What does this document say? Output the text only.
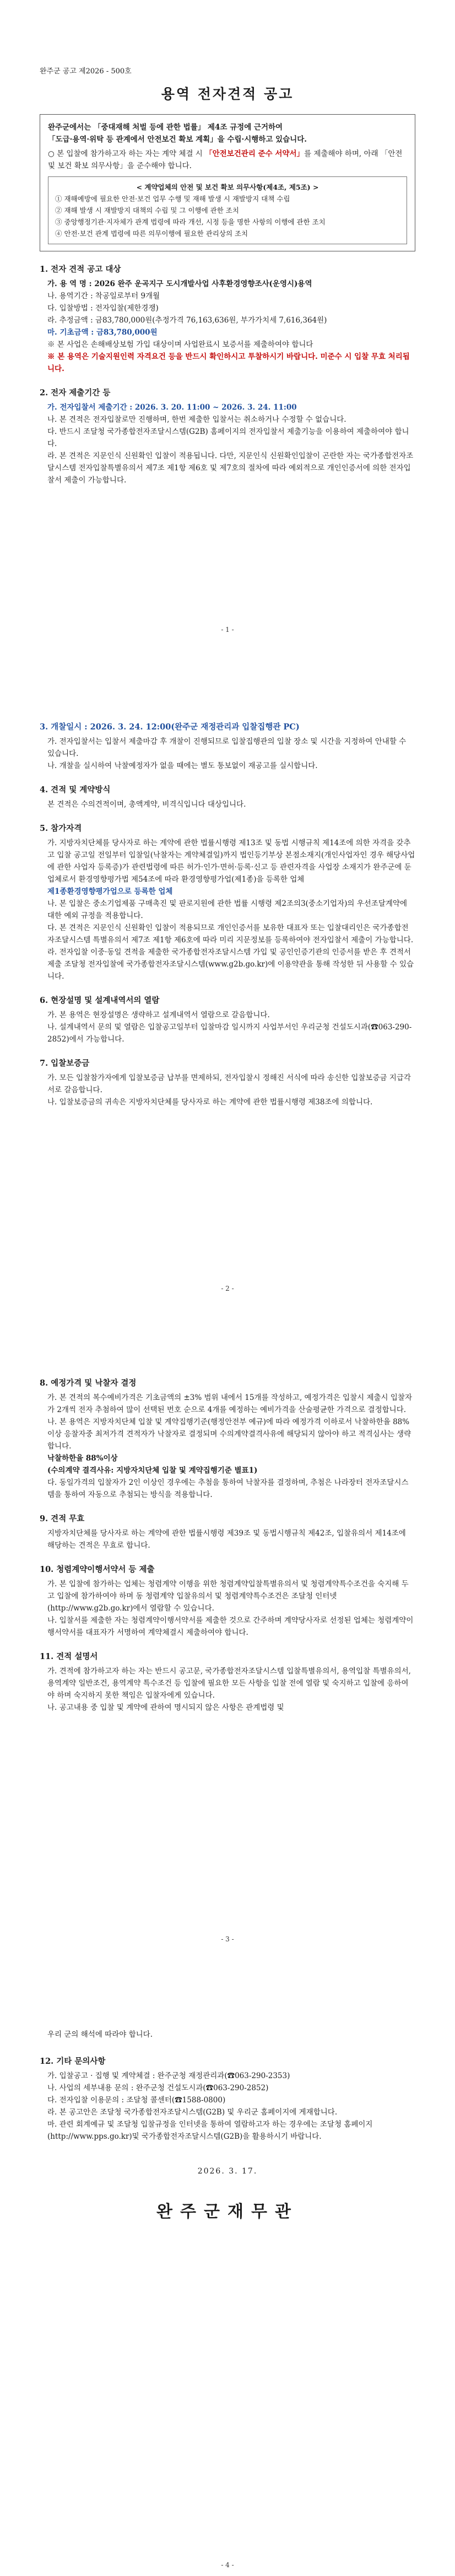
완주군 공고 제2026 - 500호
용역 전자견적 공고
완주군에서는 「중대재해 처벌 등에 관한 법률」 제4조 규정에 근거하여
「도급·용역·위탁 등 관계에서 안전보건 확보 계획」을 수립·시행하고 있습니다.
○ 본 입찰에 참가하고자 하는 자는 계약 체결 시 「안전보건관리 준수 서약서」를 제출해야 하며, 아래 「안전 및 보건 확보 의무사항」을 준수해야 합니다.
< 계약업체의 안전 및 보건 확보 의무사항(제4조, 제5조) >
① 재해예방에 필요한 안전·보건 업무 수행 및 재해 발생 시 재발방지 대책 수립
② 재해 발생 시 재발방지 대책의 수립 및 그 이행에 관한 조치
③ 중앙행정기관·지자체가 관계 법령에 따라 개선, 시정 등을 명한 사항의 이행에 관한 조치
④ 안전·보건 관계 법령에 따른 의무이행에 필요한 관리상의 조치
1. 전자 견적 공고 대상
가. 용 역 명 : 2026 완주 운곡지구 도시개발사업 사후환경영향조사(운영시)용역
나. 용역기간 : 착공일로부터 9개월
다. 입찰방법 : 전자입찰(제한경쟁)
라. 추정금액 : 금83,780,000원(추정가격 76,163,636원, 부가가치세 7,616,364원)
마. 기초금액 : 금83,780,000원
※ 본 사업은 손해배상보험 가입 대상이며 사업완료시 보증서를 제출하여야 합니다
※ 본 용역은 기술지원인력 자격요건 등을 반드시 확인하시고 투찰하시기 바랍니다. 미준수 시 입찰 무효 처리됩니다.
2. 전자 제출기간 등
가. 전자입찰서 제출기간 : 2026. 3. 20. 11:00 ~ 2026. 3. 24. 11:00
나. 본 견적은 전자입찰로만 진행하며, 한번 제출한 입찰서는 취소하거나 수정할 수 없습니다.
다. 반드시 조달청 국가종합전자조달시스템(G2B) 홈페이지의 전자입찰서 제출기능을 이용하여 제출하여야 합니다.
라. 본 견적은 지문인식 신원확인 입찰이 적용됩니다. 다만, 지문인식 신원확인입찰이 곤란한 자는 국가종합전자조달시스템 전자입찰특별유의서 제7조 제1항 제6호 및 제7호의 절차에 따라 예외적으로 개인인증서에 의한 전자입찰서 제출이 가능합니다.
- 1 -
3. 개찰일시 : 2026. 3. 24. 12:00(완주군 재정관리과 입찰집행관 PC)
가. 전자입찰서는 입찰서 제출마감 후 개찰이 진행되므로 입찰집행관의 입찰 장소 및 시간을 지정하여 안내할 수 있습니다.
나. 개찰을 실시하여 낙찰예정자가 없을 때에는 별도 통보없이 재공고를 실시합니다.
4. 견적 및 계약방식
본 견적은 수의견적이며, 총액계약, 비격식입니다 대상입니다.
5. 참가자격
가. 지방자치단체를 당사자로 하는 계약에 관한 법률시행령 제13조 및 동법 시행규칙 제14조에 의한 자격을 갖추고 입찰 공고일 전일부터 입찰일(낙찰자는 계약체결일)까지 법인등기부상 본점소재지(개인사업자인 경우 해당사업에 관한 사업자 등록증)가 관련법령에 따른 허가·인가·면허·등록·신고 등 관련자격을 사업장 소재지가 완주군에 둔 업체로서 환경영향평가법 제54조에 따라 환경영향평가업(제1종)을 등록한 업체
제1종환경영향평가업으로 등록한 업체
나. 본 입찰은 중소기업제품 구매촉진 및 판로지원에 관한 법률 시행령 제2조의3(중소기업자)의 우선조달계약에 대한 예외 규정을 적용합니다.
다. 본 견적은 지문인식 신원확인 입찰이 적용되므로 개인인증서를 보유한 대표자 또는 입찰대리인은 국가종합전자조달시스템 특별유의서 제7조 제1항 제6호에 따라 미리 지문정보를 등록하여야 전자입찰서 제출이 가능합니다.
라. 전자입찰 이중·동일 견적을 제출한 국가종합전자조달시스템 가입 및 공인인증기관의 인증서를 받은 후 견적서 제출 조달청 전자입찰에 국가종합전자조달시스템(www.g2b.go.kr)에 이용약관을 통해 작성한 뒤 사용할 수 있습니다.
6. 현장설명 및 설계내역서의 열람
가. 본 용역은 현장설명은 생략하고 설계내역서 열람으로 갈음합니다.
나. 설계내역서 문의 및 열람은 입찰공고일부터 입찰마감 일시까지 사업부서인 우리군청 건설도시과(☎063-290-2852)에서 가능합니다.
7. 입찰보증금
가. 모든 입찰참가자에게 입찰보증금 납부를 면제하되, 전자입찰시 정해진 서식에 따라 송신한 입찰보증금 지급각서로 갈음합니다.
나. 입찰보증금의 귀속은 지방자치단체를 당사자로 하는 계약에 관한 법률시행령 제38조에 의합니다.
- 2 -
8. 예정가격 및 낙찰자 결정
가. 본 견적의 복수예비가격은 기초금액의 ±3% 범위 내에서 15개를 작성하고, 예정가격은 입찰시 제출시 입찰자가 2개씩 전자 추첨하여 많이 선택된 번호 순으로 4개를 예정하는 예비가격을 산술평균한 가격으로 결정합니다.
나. 본 용역은 지방자치단체 입찰 및 계약집행기준(행정안전부 예규)에 따라 예정가격 이하로서 낙찰하한율 88%이상 응찰자중 최저가격 견적자가 낙찰자로 결정되며 수의계약결격사유에 해당되지 않아야 하고 적격심사는 생략합니다.
낙찰하한율 88%이상
(수의계약 결격사유: 지방자치단체 입찰 및 계약집행기준 별표1)
다. 동일가격의 입찰자가 2인 이상인 경우에는 추첨을 통하여 낙찰자를 결정하며, 추첨은 나라장터 전자조달시스템을 통하여 자동으로 추첨되는 방식을 적용합니다.
9. 견적 무효
지방자치단체를 당사자로 하는 계약에 관한 법률시행령 제39조 및 동법시행규칙 제42조, 입찰유의서 제14조에 해당하는 견적은 무효로 합니다.
10. 청렴계약이행서약서 등 제출
가. 본 입찰에 참가하는 업체는 청렴계약 이행을 위한 청렴계약입찰특별유의서 및 청렴계약특수조건을 숙지해 두고 입찰에 참가하여야 하며 동 청렴계약 입찰유의서 및 청렴계약특수조건은 조달청 인터넷(http://www.g2b.go.kr)에서 열람할 수 있습니다.
나. 입찰서를 제출한 자는 청렴계약이행서약서를 제출한 것으로 간주하며 계약당사자로 선정된 업체는 청렴계약이행서약서를 대표자가 서명하여 계약체결시 제출하여야 합니다.
11. 견적 설명서
가. 견적에 참가하고자 하는 자는 반드시 공고문, 국가종합전자조달시스템 입찰특별유의서, 용역입찰 특별유의서, 용역계약 일반조건, 용역계약 특수조건 등 입찰에 필요한 모든 사항을 입찰 전에 열람 및 숙지하고 입찰에 응하여야 하며 숙지하지 못한 책임은 입찰자에게 있습니다.
나. 공고내용 중 입찰 및 계약에 관하여 명시되지 않은 사항은 관계법령 및
- 3 -
우리 군의 해석에 따라야 합니다.
12. 기타 문의사항
가. 입찰공고 · 집행 및 계약체결 : 완주군청 재정관리과(☎063-290-2353)
나. 사업의 세부내용 문의 : 완주군청 건설도시과(☎063-290-2852)
다. 전자입찰 이용문의 : 조달청 콜센터(☎1588-0800)
라. 본 공고안은 조달청 국가종합전자조달시스템(G2B) 및 우리군 홈페이지에 게재합니다.
마. 관련 회계예규 및 조달청 입찰규정을 인터넷을 통하여 열람하고자 하는 경우에는 조달청 홈페이지(http://www.pps.go.kr)및 국가종합전자조달시스템(G2B)을 활용하시기 바랍니다.
2026. 3. 17.
완주군재무관
- 4 -
